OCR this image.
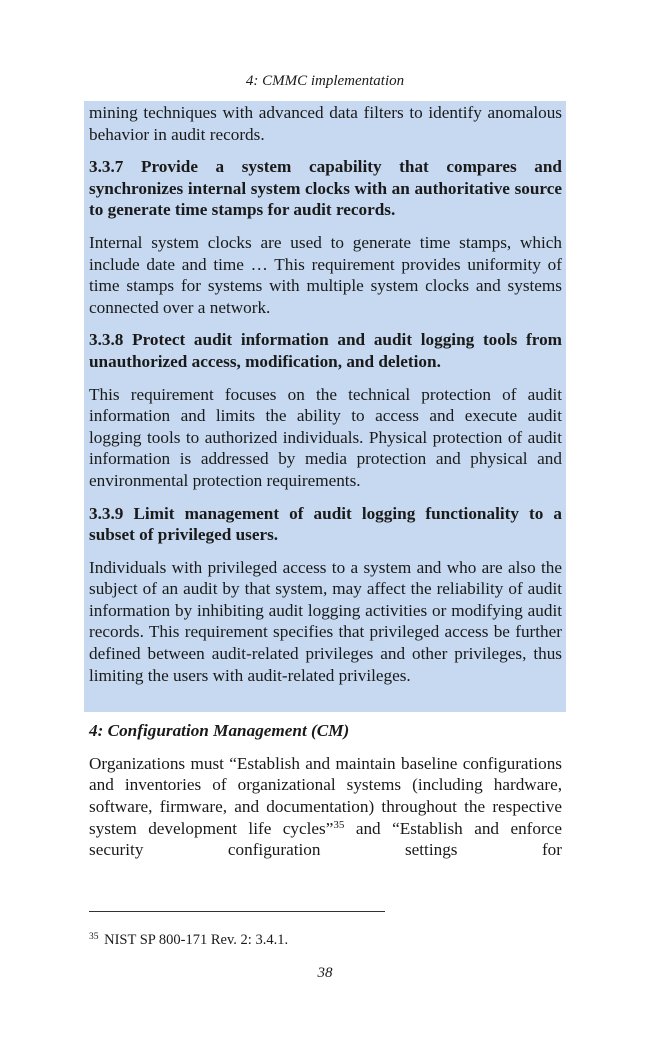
4: CMMC implementation

mining techniques with advanced data filters to identify anomalous behavior in audit records.

3.3.7 Provide a system capability that compares and synchronizes internal system clocks with an authoritative source to generate time stamps for audit records.

Internal system clocks are used to generate time stamps, which include date and time … This requirement provides uniformity of time stamps for systems with multiple system clocks and systems connected over a network.

3.3.8 Protect audit information and audit logging tools from unauthorized access, modification, and deletion.

This requirement focuses on the technical protection of audit information and limits the ability to access and execute audit logging tools to authorized individuals. Physical protection of audit information is addressed by media protection and physical and environmental protection requirements.

3.3.9 Limit management of audit logging functionality to a subset of privileged users.

Individuals with privileged access to a system and who are also the subject of an audit by that system, may affect the reliability of audit information by inhibiting audit logging activities or modifying audit records. This requirement specifies that privileged access be further defined between audit-related privileges and other privileges, thus limiting the users with audit-related privileges.

4: Configuration Management (CM)

Organizations must “Establish and maintain baseline configurations and inventories of organizational systems (including hardware, software, firmware, and documentation) throughout the respective system development life cycles”$^{35}$ and “Establish and enforce security configuration settings for

$^{35}$ NIST SP 800-171 Rev. 2: 3.4.1.
38
